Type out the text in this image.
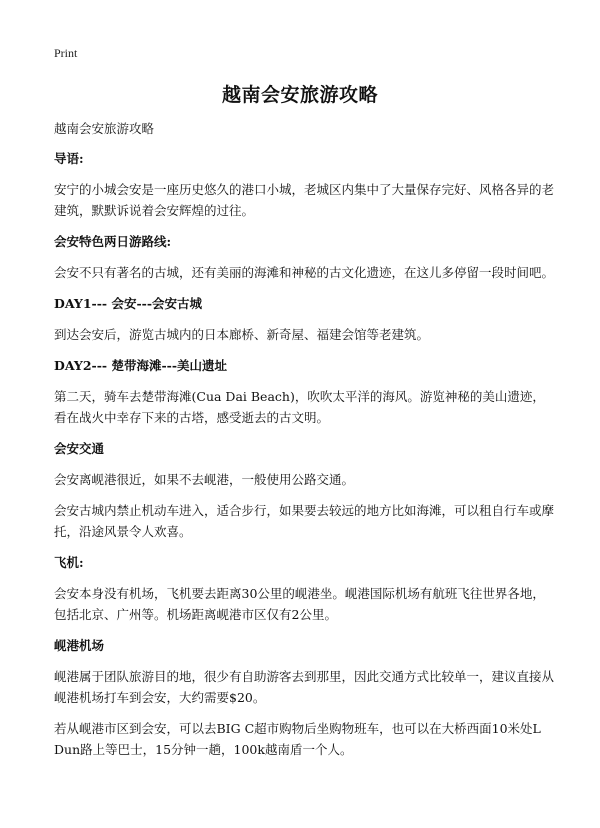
Print
越南会安旅游攻略

越南会安旅游攻略

导语:

安宁的小城会安是一座历史悠久的港口小城，老城区内集中了大量保存完好、风格各异的老建筑，默默诉说着会安辉煌的过往。

会安特色两日游路线:

会安不只有著名的古城，还有美丽的海滩和神秘的古文化遗迹，在这儿多停留一段时间吧。

DAY1--- 会安---会安古城

到达会安后，游览古城内的日本廊桥、新奇屋、福建会馆等老建筑。

DAY2--- 楚带海滩---美山遗址

第二天，骑车去楚带海滩(Cua Dai Beach)，吹吹太平洋的海风。游览神秘的美山遗迹，看在战火中幸存下来的古塔，感受逝去的古文明。

会安交通

会安离岘港很近，如果不去岘港，一般使用公路交通。

会安古城内禁止机动车进入，适合步行，如果要去较远的地方比如海滩，可以租自行车或摩托，沿途风景令人欢喜。

飞机:

会安本身没有机场，飞机要去距离30公里的岘港坐。岘港国际机场有航班飞往世界各地，包括北京、广州等。机场距离岘港市区仅有2公里。

岘港机场

岘港属于团队旅游目的地，很少有自助游客去到那里，因此交通方式比较单一，建议直接从岘港机场打车到会安，大约需要$20。

若从岘港市区到会安，可以去BIG C超市购物后坐购物班车，也可以在大桥西面10米处L Dun路上等巴士，15分钟一趟，100k越南盾一个人。
